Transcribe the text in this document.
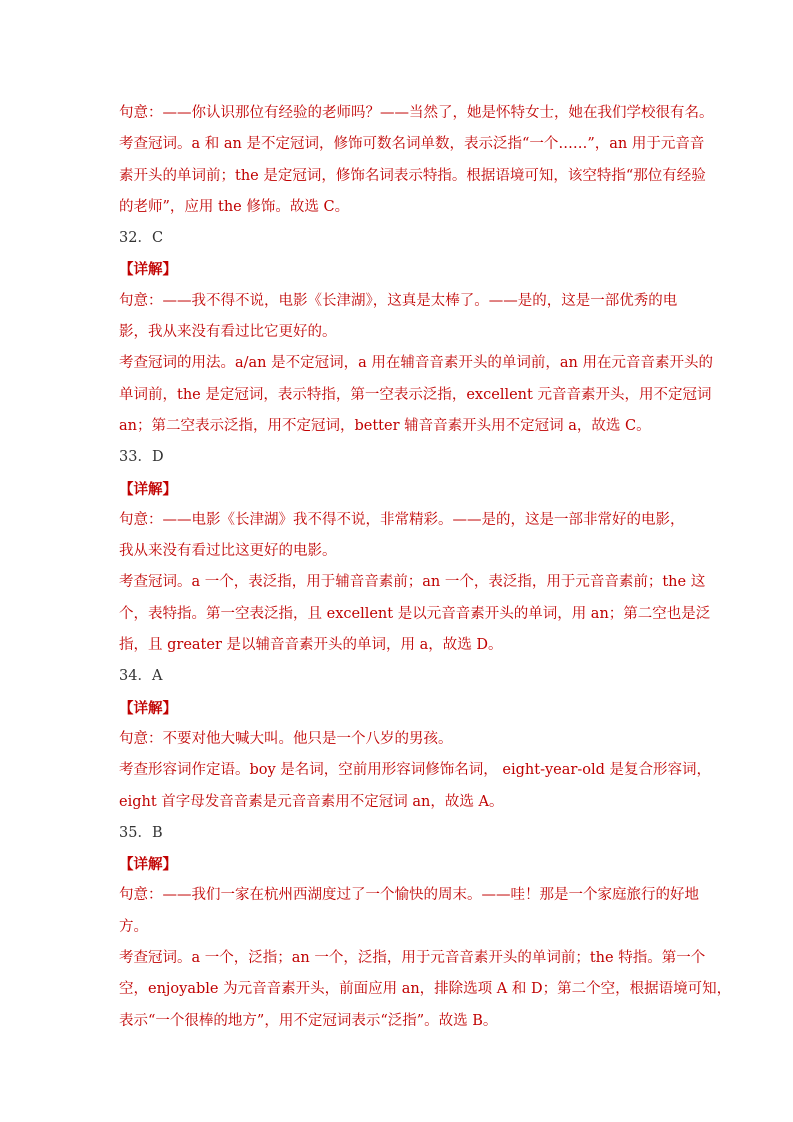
句意：——你认识那位有经验的老师吗？——当然了，她是怀特女士，她在我们学校很有名。
考查冠词。a 和 an 是不定冠词，修饰可数名词单数，表示泛指“一个……”，an 用于元音音
素开头的单词前；the 是定冠词，修饰名词表示特指。根据语境可知，该空特指“那位有经验
的老师”，应用 the 修饰。故选 C。
32．C
【详解】
句意：——我不得不说，电影《长津湖》，这真是太棒了。——是的，这是一部优秀的电
影，我从来没有看过比它更好的。
考查冠词的用法。a/an 是不定冠词，a 用在辅音音素开头的单词前，an 用在元音音素开头的
单词前，the 是定冠词，表示特指，第一空表示泛指，excellent 元音音素开头，用不定冠词
an；第二空表示泛指，用不定冠词，better 辅音音素开头用不定冠词 a，故选 C。
33．D
【详解】
句意：——电影《长津湖》我不得不说，非常精彩。——是的，这是一部非常好的电影，
我从来没有看过比这更好的电影。
考查冠词。a 一个，表泛指，用于辅音音素前；an 一个，表泛指，用于元音音素前；the 这
个，表特指。第一空表泛指，且 excellent 是以元音音素开头的单词，用 an；第二空也是泛
指，且 greater 是以辅音音素开头的单词，用 a，故选 D。
34．A
【详解】
句意：不要对他大喊大叫。他只是一个八岁的男孩。
考查形容词作定语。boy 是名词，空前用形容词修饰名词， eight-year-old 是复合形容词，
eight 首字母发音音素是元音音素用不定冠词 an，故选 A。
35．B
【详解】
句意：——我们一家在杭州西湖度过了一个愉快的周末。——哇！那是一个家庭旅行的好地
方。
考查冠词。a 一个，泛指；an 一个，泛指，用于元音音素开头的单词前；the 特指。第一个
空，enjoyable 为元音音素开头，前面应用 an，排除选项 A 和 D；第二个空，根据语境可知，
表示“一个很棒的地方”，用不定冠词表示“泛指”。故选 B。
